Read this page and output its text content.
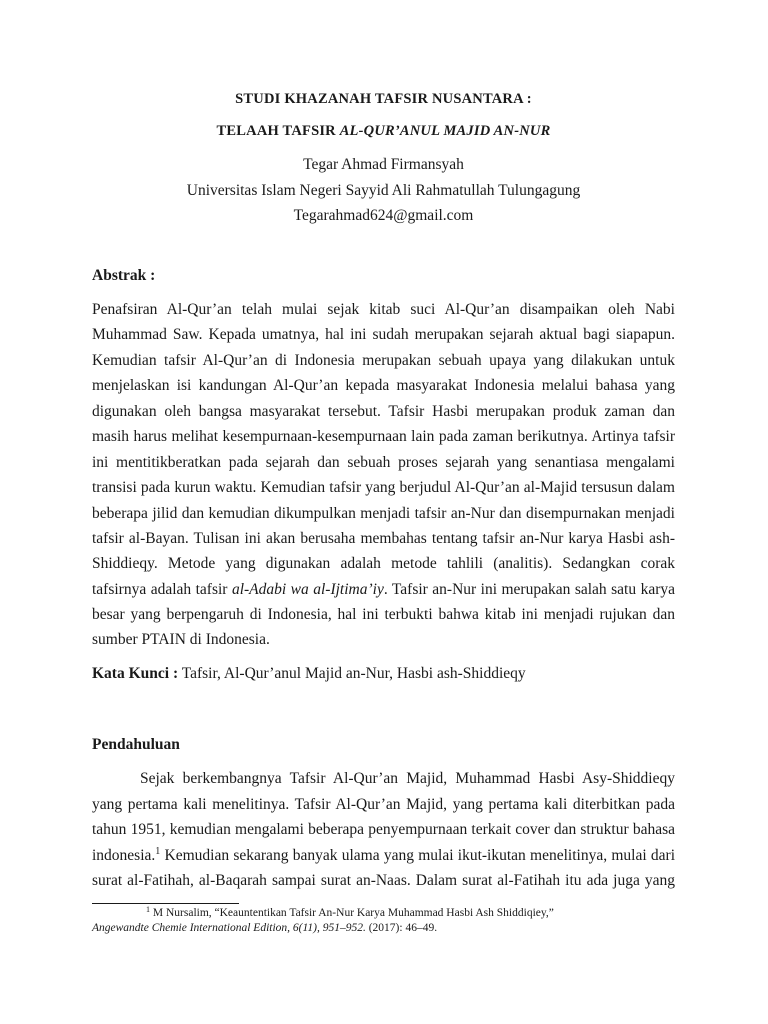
STUDI KHAZANAH TAFSIR NUSANTARA :
TELAAH TAFSIR AL-QUR’ANUL MAJID AN-NUR
Tegar Ahmad Firmansyah
Universitas Islam Negeri Sayyid Ali Rahmatullah Tulungagung
Tegarahmad624@gmail.com
Abstrak :
Penafsiran Al-Qur’an telah mulai sejak kitab suci Al-Qur’an disampaikan oleh Nabi
Muhammad Saw. Kepada umatnya, hal ini sudah merupakan sejarah aktual bagi siapapun.
Kemudian tafsir Al-Qur’an di Indonesia merupakan sebuah upaya yang dilakukan untuk
menjelaskan isi kandungan Al-Qur’an kepada masyarakat Indonesia melalui bahasa yang
digunakan oleh bangsa masyarakat tersebut. Tafsir Hasbi merupakan produk zaman dan
masih harus melihat kesempurnaan-kesempurnaan lain pada zaman berikutnya. Artinya tafsir
ini mentitikberatkan pada sejarah dan sebuah proses sejarah yang senantiasa mengalami
transisi pada kurun waktu. Kemudian tafsir yang berjudul Al-Qur’an al-Majid tersusun dalam
beberapa jilid dan kemudian dikumpulkan menjadi tafsir an-Nur dan disempurnakan menjadi
tafsir al-Bayan. Tulisan ini akan berusaha membahas tentang tafsir an-Nur karya Hasbi ash-
Shiddieqy. Metode yang digunakan adalah metode tahlili (analitis). Sedangkan corak
tafsirnya adalah tafsir al-Adabi wa al-Ijtima’iy. Tafsir an-Nur ini merupakan salah satu karya
besar yang berpengaruh di Indonesia, hal ini terbukti bahwa kitab ini menjadi rujukan dan
sumber PTAIN di Indonesia.
Kata Kunci : Tafsir, Al-Qur’anul Majid an-Nur, Hasbi ash-Shiddieqy
Pendahuluan
Sejak berkembangnya Tafsir Al-Qur’an Majid, Muhammad Hasbi Asy-Shiddieqy
yang pertama kali menelitinya. Tafsir Al-Qur’an Majid, yang pertama kali diterbitkan pada
tahun 1951, kemudian mengalami beberapa penyempurnaan terkait cover dan struktur bahasa
indonesia.$^1$ Kemudian sekarang banyak ulama yang mulai ikut-ikutan menelitinya, mulai dari
surat al-Fatihah, al-Baqarah sampai surat an-Naas. Dalam surat al-Fatihah itu ada juga yang
$^1$ M Nursalim, “Keauntentikan Tafsir An-Nur Karya Muhammad Hasbi Ash Shiddiqiey,”
Angewandte Chemie International Edition, 6(11), 951–952. (2017): 46–49.
